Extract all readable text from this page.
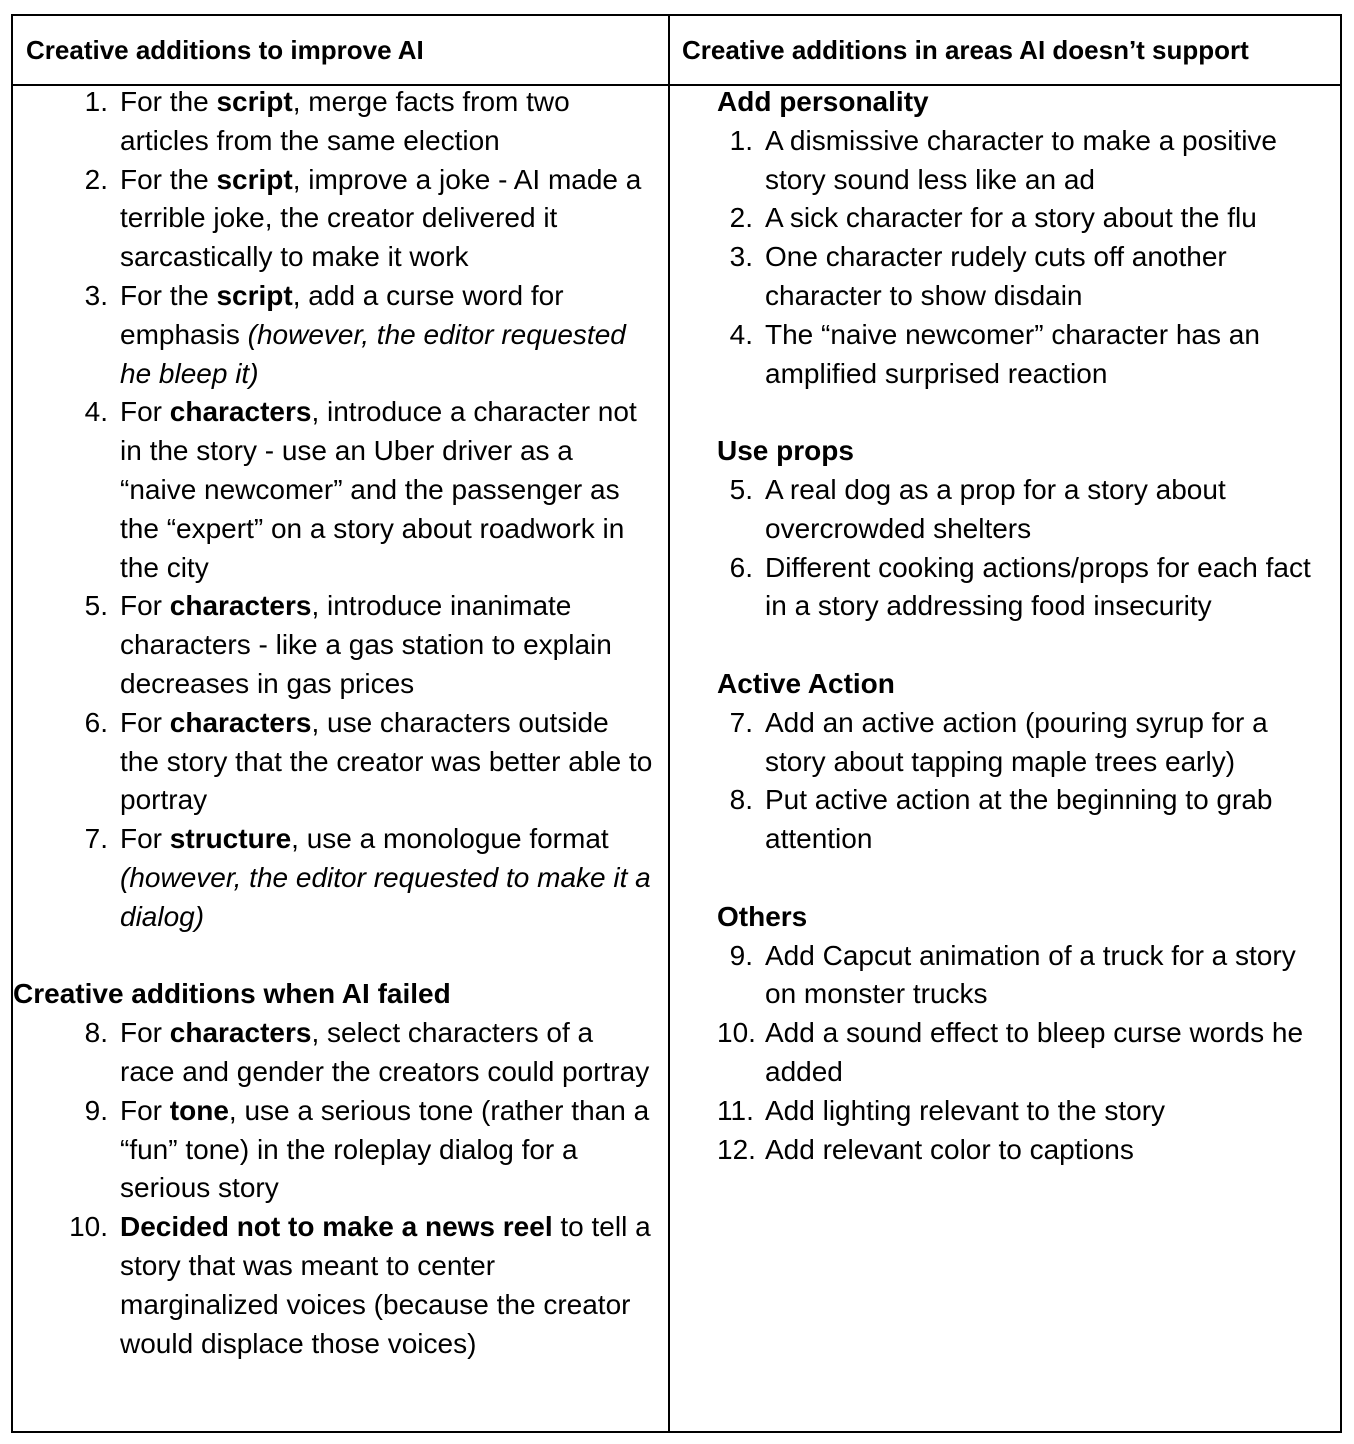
Creative additions to improve AI	Creative additions in areas AI doesn’t support
1. For the script, merge facts from two articles from the same election
2. For the script, improve a joke - AI made a terrible joke, the creator delivered it sarcastically to make it work
3. For the script, add a curse word for emphasis (however, the editor requested he bleep it)
4. For characters, introduce a character not in the story - use an Uber driver as a “naive newcomer” and the passenger as the “expert” on a story about roadwork in the city
5. For characters, introduce inanimate characters - like a gas station to explain decreases in gas prices
6. For characters, use characters outside the story that the creator was better able to portray
7. For structure, use a monologue format (however, the editor requested to make it a dialog)
Creative additions when AI failed
8. For characters, select characters of a race and gender the creators could portray
9. For tone, use a serious tone (rather than a “fun” tone) in the roleplay dialog for a serious story
10. Decided not to make a news reel to tell a story that was meant to center marginalized voices (because the creator would displace those voices)
Add personality
1. A dismissive character to make a positive story sound less like an ad
2. A sick character for a story about the flu
3. One character rudely cuts off another character to show disdain
4. The “naive newcomer” character has an amplified surprised reaction
Use props
5. A real dog as a prop for a story about overcrowded shelters
6. Different cooking actions/props for each fact in a story addressing food insecurity
Active Action
7. Add an active action (pouring syrup for a story about tapping maple trees early)
8. Put active action at the beginning to grab attention
Others
9. Add Capcut animation of a truck for a story on monster trucks
10. Add a sound effect to bleep curse words he added
11. Add lighting relevant to the story
12. Add relevant color to captions
